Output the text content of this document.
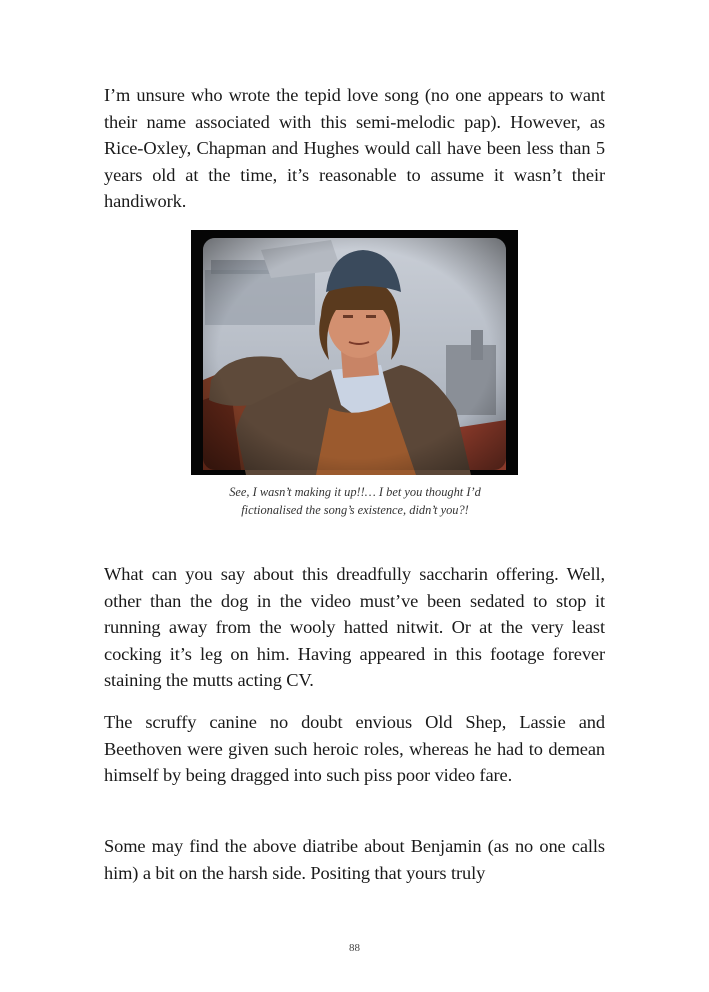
I’m unsure who wrote the tepid love song (no one appears to want their name associated with this semi-melodic pap). However, as Rice-Oxley, Chapman and Hughes would call have been less than 5 years old at the time, it’s reasonable to assume it wasn’t their handiwork.

See, I wasn’t making it up!!… I bet you thought I’d
fictionalised the song’s existence, didn’t you?!

What can you say about this dreadfully saccharin offering. Well, other than the dog in the video must’ve been sedated to stop it running away from the wooly hatted nitwit. Or at the very least cocking it’s leg on him. Having appeared in this footage forever staining the mutts acting CV.

The scruffy canine no doubt envious Old Shep, Lassie and Beethoven were given such heroic roles, whereas he had to demean himself by being dragged into such piss poor video fare.

Some may find the above diatribe about Benjamin (as no one calls him) a bit on the harsh side. Positing that yours truly

88
